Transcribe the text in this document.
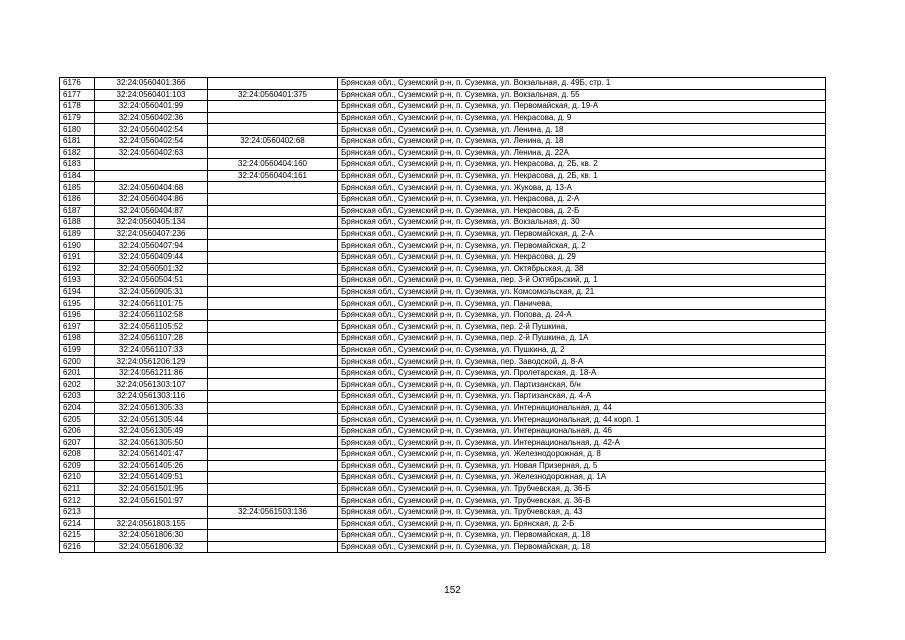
6176	32:24:0560401:366		Брянская обл., Суземский р-н, п. Суземка, ул. Вокзальная, д. 49Б, стр. 1
6177	32:24:0560401:103	32:24:0560401:375	Брянская обл., Суземский р-н, п. Суземка, ул. Вокзальная, д. 55
6178	32:24:0560401:99		Брянская обл., Суземский р-н, п. Суземка, ул. Первомайская, д. 19-А
6179	32:24:0560402:36		Брянская обл., Суземский р-н, п. Суземка, ул. Некрасова, д. 9
6180	32:24:0560402:54		Брянская обл., Суземский р-н, п. Суземка, ул. Ленина, д. 18
6181	32:24:0560402:54	32:24:0560402:68	Брянская обл., Суземский р-н, п. Суземка, ул. Ленина, д. 18
6182	32:24:0560402:63		Брянская обл., Суземский р-н, п. Суземка, ул. Ленина, д. 22А
6183		32:24:0560404:160	Брянская обл., Суземский р-н, п. Суземка, ул. Некрасова, д. 2Б, кв. 2
6184		32:24:0560404:161	Брянская обл., Суземский р-н, п. Суземка, ул. Некрасова, д. 2Б, кв. 1
6185	32:24:0560404:68		Брянская обл., Суземский р-н, п. Суземка, ул. Жукова, д. 13-А
6186	32:24:0560404:86		Брянская обл., Суземский р-н, п. Суземка, ул. Некрасова, д. 2-А
6187	32:24:0560404:87		Брянская обл., Суземский р-н, п. Суземка, ул. Некрасова, д. 2-Б
6188	32:24:0560405:134		Брянская обл., Суземский р-н, п. Суземка, ул. Вокзальная, д. 30
6189	32:24:0560407:236		Брянская обл., Суземский р-н, п. Суземка, ул. Первомайская, д. 2-А
6190	32:24:0560407:94		Брянская обл., Суземский р-н, п. Суземка, ул. Первомайская, д. 2
6191	32:24:0560409:44		Брянская обл., Суземский р-н, п. Суземка, ул. Некрасова, д. 29
6192	32:24:0560501:32		Брянская обл., Суземский р-н, п. Суземка, ул. Октябрьская, д. 38
6193	32:24:0560504:51		Брянская обл., Суземский р-н, п. Суземка, пер. 3-й Октябрьский, д. 1
6194	32:24:0560905:31		Брянская обл., Суземский р-н, п. Суземка, ул. Комсомольская, д. 21
6195	32:24:0561101:75		Брянская обл., Суземский р-н, п. Суземка, ул. Паничева,
6196	32:24:0561102:58		Брянская обл., Суземский р-н, п. Суземка, ул. Попова, д. 24-А
6197	32:24:0561105:52		Брянская обл., Суземский р-н, п. Суземка, пер. 2-й Пушкина,
6198	32:24:0561107:28		Брянская обл., Суземский р-н, п. Суземка, пер. 2-й Пушкина, д. 1А
6199	32:24:0561107:33		Брянская обл., Суземский р-н, п. Суземка, ул. Пушкина, д. 2
6200	32:24:0561206:129		Брянская обл., Суземский р-н, п. Суземка, пер. Заводской, д. 8-А
6201	32:24:0561211:86		Брянская обл., Суземский р-н, п. Суземка, ул. Пролетарская, д. 18-А
6202	32:24:0561303:107		Брянская обл., Суземский р-н, п. Суземка, ул. Партизанская, б/н
6203	32:24:0561303:116		Брянская обл., Суземский р-н, п. Суземка, ул. Партизанская, д. 4-А
6204	32:24:0561305:33		Брянская обл., Суземский р-н, п. Суземка, ул. Интернациональная, д. 44
6205	32:24:0561305:44		Брянская обл., Суземский р-н, п. Суземка, ул. Интернациональная, д. 44 корп. 1
6206	32:24:0561305:49		Брянская обл., Суземский р-н, п. Суземка, ул. Интернациональная, д. 46
6207	32:24:0561305:50		Брянская обл., Суземский р-н, п. Суземка, ул. Интернациональная, д. 42-А
6208	32:24:0561401:47		Брянская обл., Суземский р-н, п. Суземка, ул. Железнодорожная, д. 8
6209	32:24:0561405:26		Брянская обл., Суземский р-н, п. Суземка, ул. Новая Призерная, д. 5
6210	32:24:0561409:51		Брянская обл., Суземский р-н, п. Суземка, ул. Железнодорожная, д. 1А
6211	32:24:0561501:95		Брянская обл., Суземский р-н, п. Суземка, ул. Трубчевская, д. 36-Б
6212	32:24:0561501:97		Брянская обл., Суземский р-н, п. Суземка, ул. Трубчевская, д. 36-В
6213		32:24:0561503:136	Брянская обл., Суземский р-н, п. Суземка, ул. Трубчевская, д. 43
6214	32:24:0561803:155		Брянская обл., Суземский р-н, п. Суземка, ул. Брянская, д. 2-Б
6215	32:24:0561806:30		Брянская обл., Суземский р-н, п. Суземка, ул. Первомайская, д. 18
6216	32:24:0561806:32		Брянская обл., Суземский р-н, п. Суземка, ул. Первомайская, д. 18
152
